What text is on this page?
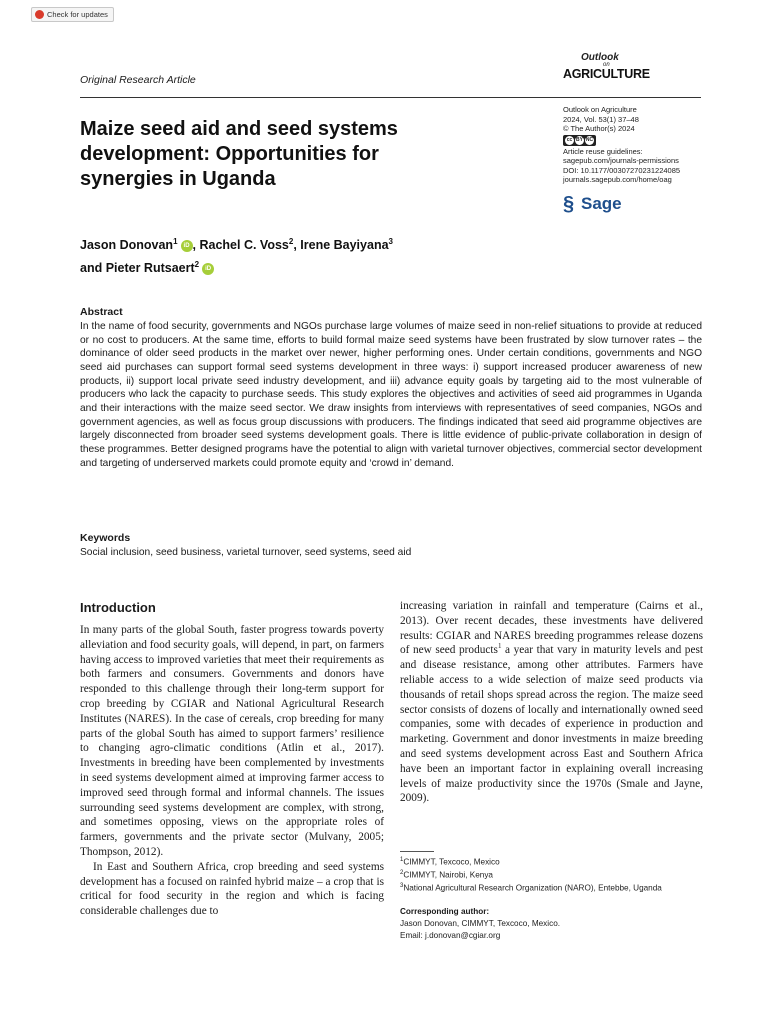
Check for updates
Original Research Article
Outlook
on
AGRICULTURE
Maize seed aid and seed systems development: Opportunities for synergies in Uganda
Outlook on Agriculture
2024, Vol. 53(1) 37–48
© The Author(s) 2024
cc BY NC
Article reuse guidelines:
sagepub.com/journals-permissions
DOI: 10.1177/00307270231224085
journals.sagepub.com/home/oag
§ Sage
Jason Donovan$^1$ iD , Rachel C. Voss$^2$, Irene Bayiyana$^3$
and Pieter Rutsaert$^2$ iD
Abstract

In the name of food security, governments and NGOs purchase large volumes of maize seed in non-relief situations to provide at reduced or no cost to producers. At the same time, efforts to build formal maize seed systems have been frustrated by slow turnover rates – the dominance of older seed products in the market over newer, higher performing ones. Under certain conditions, governments and NGO seed aid purchases can support formal seed systems development in three ways: i) support increased producer awareness of new products, ii) support local private seed industry development, and iii) advance equity goals by targeting aid to the most vulnerable of producers who lack the capacity to purchase seeds. This study explores the objectives and activities of seed aid programmes in Uganda and their interactions with the maize seed sector. We draw insights from interviews with representatives of seed companies, NGOs and government agencies, as well as focus group discussions with producers. The findings indicated that seed aid programme objectives are largely disconnected from broader seed systems development goals. There is little evidence of public-private collaboration in design of these programmes. Better designed programs have the potential to align with varietal turnover objectives, commercial sector development and targeting of underserved markets could promote equity and ‘crowd in’ demand.

Keywords
Social inclusion, seed business, varietal turnover, seed systems, seed aid
Introduction

In many parts of the global South, faster progress towards poverty alleviation and food security goals, will depend, in part, on farmers having access to improved varieties that meet their requirements as both farmers and consumers. Governments and donors have responded to this challenge through their long-term support for crop breeding by CGIAR and National Agricultural Research Institutes (NARES). In the case of cereals, crop breeding for many parts of the global South has aimed to support farmers’ resilience to changing agro-climatic conditions (Atlin et al., 2017). Investments in breeding have been complemented by investments in seed systems development aimed at improving farmer access to improved seed through formal and informal channels. The issues surrounding seed systems development are complex, with strong, and sometimes opposing, views on the appropriate roles of farmers, governments and the private sector (Mulvany, 2005; Thompson, 2012).

In East and Southern Africa, crop breeding and seed systems development has a focused on rainfed hybrid maize – a crop that is critical for food security in the region and which is facing considerable challenges due to

increasing variation in rainfall and temperature (Cairns et al., 2013). Over recent decades, these investments have delivered results: CGIAR and NARES breeding programmes release dozens of new seed products$^1$ a year that vary in maturity levels and pest and disease resistance, among other attributes. Farmers have reliable access to a wide selection of maize seed products via thousands of retail shops spread across the region. The maize seed sector consists of dozens of locally and internationally owned seed companies, some with decades of experience in production and marketing. Government and donor investments in maize breeding and seed systems development across East and Southern Africa have been an important factor in explaining overall increasing levels of maize productivity since the 1970s (Smale and Jayne, 2009).

$^1$CIMMYT, Texcoco, Mexico
$^2$CIMMYT, Nairobi, Kenya
$^3$National Agricultural Research Organization (NARO), Entebbe, Uganda
Corresponding author:
Jason Donovan, CIMMYT, Texcoco, Mexico.
Email: j.donovan@cgiar.org
